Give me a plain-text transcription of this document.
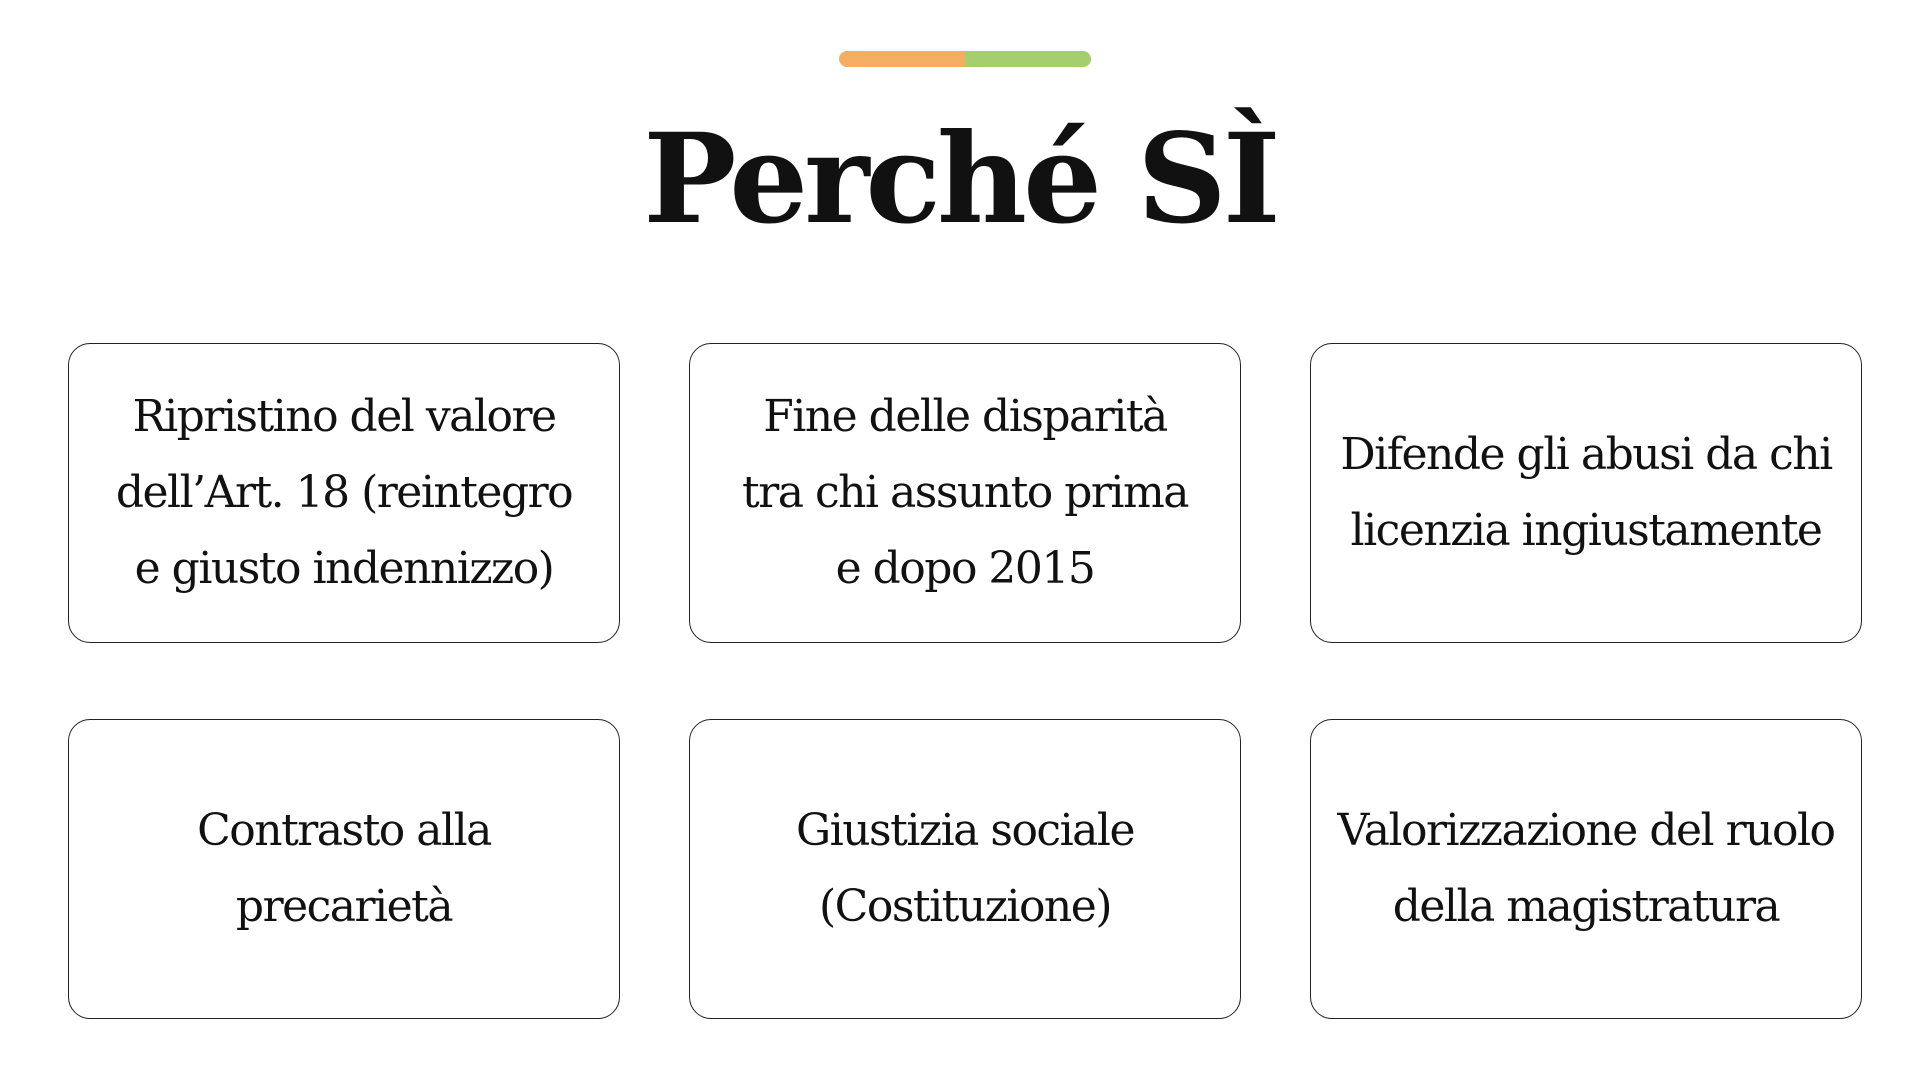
Perché SÌ
Ripristino del valore dell’Art. 18 (reintegro e giusto indennizzo)
Fine delle disparità tra chi assunto prima e dopo 2015
Difende gli abusi da chi licenzia ingiustamente
Contrasto alla precarietà
Giustizia sociale (Costituzione)
Valorizzazione del ruolo della magistratura
